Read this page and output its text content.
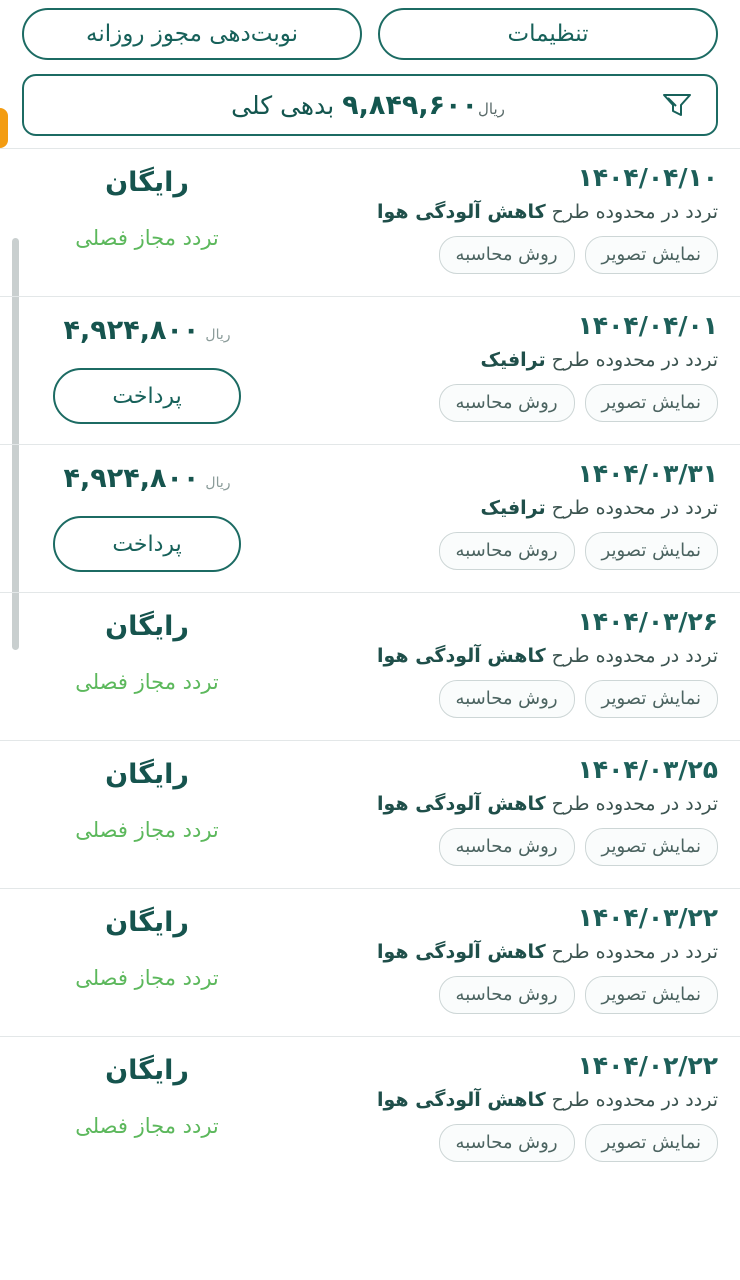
نوبت‌دهی مجوز روزانه	تنظیمات
ریال۹,۸۴۹,۶۰۰ بدهی کلی
۱۴۰۴/۰۴/۱۰
تردد در محدوده طرح کاهش آلودگی هوا
نمایش تصویر
روش محاسبه
رایگان
تردد مجاز فصلی
۱۴۰۴/۰۴/۰۱
تردد در محدوده طرح ترافیک
نمایش تصویر
روش محاسبه
ریال
۴,۹۲۴,۸۰۰
پرداخت
۱۴۰۴/۰۳/۳۱
تردد در محدوده طرح ترافیک
نمایش تصویر
روش محاسبه
ریال
۴,۹۲۴,۸۰۰
پرداخت
۱۴۰۴/۰۳/۲۶
تردد در محدوده طرح کاهش آلودگی هوا
نمایش تصویر
روش محاسبه
رایگان
تردد مجاز فصلی
۱۴۰۴/۰۳/۲۵
تردد در محدوده طرح کاهش آلودگی هوا
نمایش تصویر
روش محاسبه
رایگان
تردد مجاز فصلی
۱۴۰۴/۰۳/۲۲
تردد در محدوده طرح کاهش آلودگی هوا
نمایش تصویر
روش محاسبه
رایگان
تردد مجاز فصلی
۱۴۰۴/۰۲/۲۲
تردد در محدوده طرح کاهش آلودگی هوا
نمایش تصویر
روش محاسبه
رایگان
تردد مجاز فصلی
